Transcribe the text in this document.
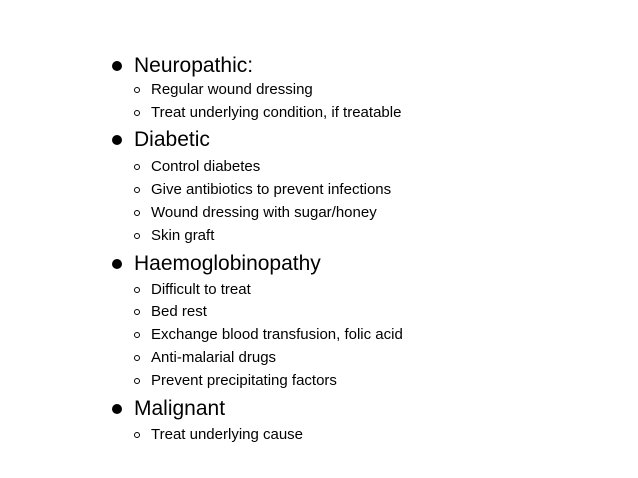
Neuropathic:
Regular wound dressing
Treat underlying condition, if treatable
Diabetic
Control diabetes
Give antibiotics to prevent infections
Wound dressing with sugar/honey
Skin graft
Haemoglobinopathy
Difficult to treat
Bed rest
Exchange blood transfusion, folic acid
Anti-malarial drugs
Prevent precipitating factors
Malignant
Treat underlying cause
